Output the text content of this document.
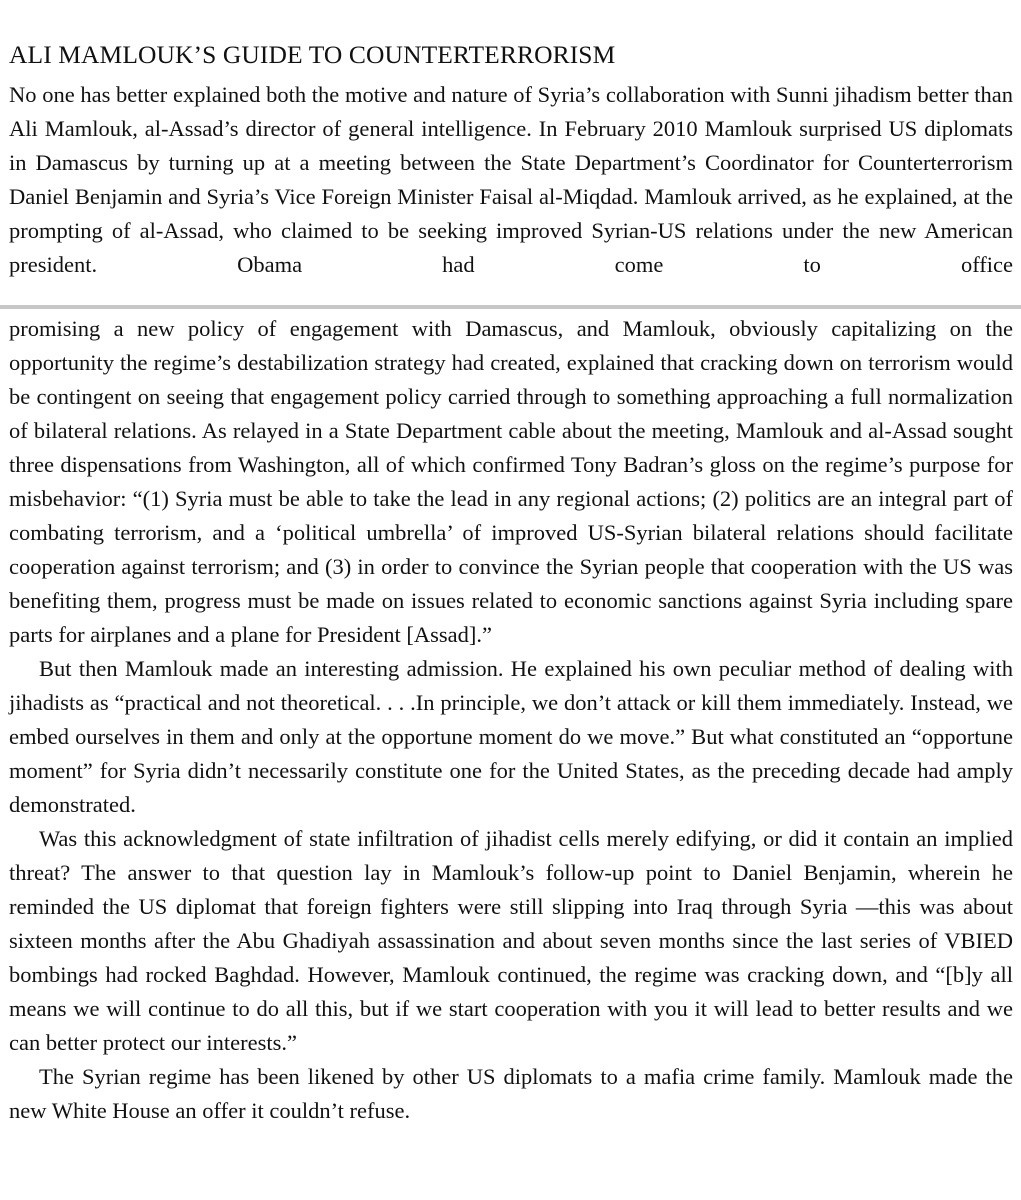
ALI MAMLOUK’S GUIDE TO COUNTERTERRORISM

No one has better explained both the motive and nature of Syria’s collaboration with Sunni jihadism better than Ali Mamlouk, al-Assad’s director of general intelligence. In February 2010 Mamlouk surprised US diplomats in Damascus by turning up at a meeting between the State Department’s Coordinator for Counterterrorism Daniel Benjamin and Syria’s Vice Foreign Minister Faisal al-Miqdad. Mamlouk arrived, as he explained, at the prompting of al-Assad, who claimed to be seeking improved Syrian-US relations under the new American president. Obama had come to office

promising a new policy of engagement with Damascus, and Mamlouk, obviously capitalizing on the opportunity the regime’s destabilization strategy had created, explained that cracking down on terrorism would be contingent on seeing that engagement policy carried through to something approaching a full normalization of bilateral relations. As relayed in a State Department cable about the meeting, Mamlouk and al-Assad sought three dispensations from Washington, all of which confirmed Tony Badran’s gloss on the regime’s purpose for misbehavior: “(1) Syria must be able to take the lead in any regional actions; (2) politics are an integral part of combating terrorism, and a ‘political umbrella’ of improved US-Syrian bilateral relations should facilitate cooperation against terrorism; and (3) in order to convince the Syrian people that cooperation with the US was benefiting them, progress must be made on issues related to economic sanctions against Syria including spare parts for airplanes and a plane for President [Assad].”

But then Mamlouk made an interesting admission. He explained his own peculiar method of dealing with jihadists as “practical and not theoretical. . . .In principle, we don’t attack or kill them immediately. Instead, we embed ourselves in them and only at the opportune moment do we move.” But what constituted an “opportune moment” for Syria didn’t necessarily constitute one for the United States, as the preceding decade had amply demonstrated.

Was this acknowledgment of state infiltration of jihadist cells merely edifying, or did it contain an implied threat? The answer to that question lay in Mamlouk’s follow-up point to Daniel Benjamin, wherein he reminded the US diplomat that foreign fighters were still slipping into Iraq through Syria —this was about sixteen months after the Abu Ghadiyah assassination and about seven months since the last series of VBIED bombings had rocked Baghdad. However, Mamlouk continued, the regime was cracking down, and “[b]y all means we will continue to do all this, but if we start cooperation with you it will lead to better results and we can better protect our interests.”

The Syrian regime has been likened by other US diplomats to a mafia crime family. Mamlouk made the new White House an offer it couldn’t refuse.
